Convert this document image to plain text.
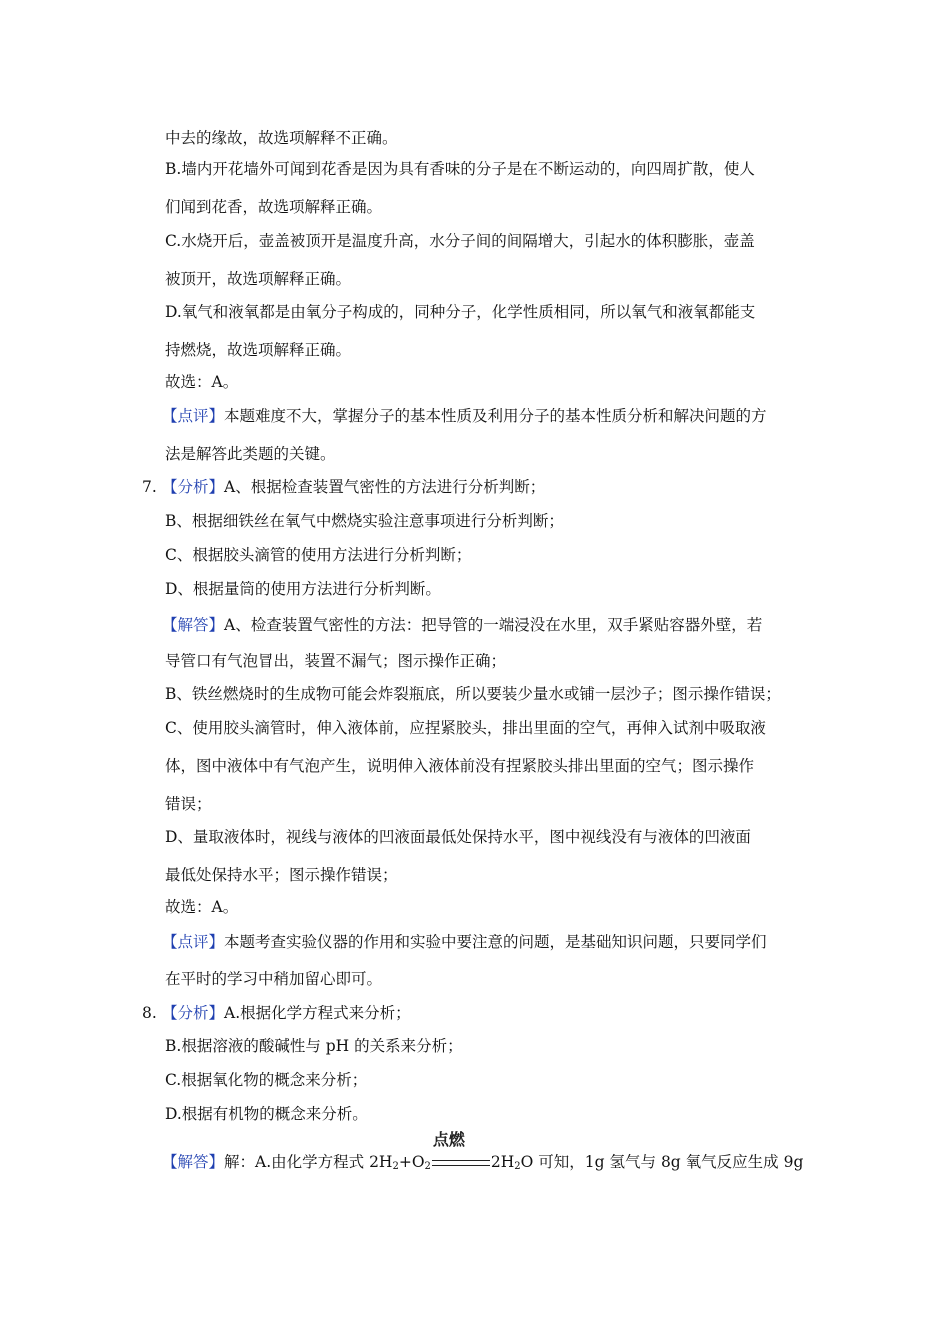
中去的缘故，故选项解释不正确。
B.墙内开花墙外可闻到花香是因为具有香味的分子是在不断运动的，向四周扩散，使人
们闻到花香，故选项解释正确。
C.水烧开后，壶盖被顶开是温度升高，水分子间的间隔增大，引起水的体积膨胀，壶盖
被顶开，故选项解释正确。
D.氧气和液氧都是由氧分子构成的，同种分子，化学性质相同，所以氧气和液氧都能支
持燃烧，故选项解释正确。
故选：A。
【点评】本题难度不大，掌握分子的基本性质及利用分子的基本性质分析和解决问题的方
法是解答此类题的关键。
7. 【分析】A、根据检查装置气密性的方法进行分析判断；
B、根据细铁丝在氧气中燃烧实验注意事项进行分析判断；
C、根据胶头滴管的使用方法进行分析判断；
D、根据量筒的使用方法进行分析判断。
【解答】A、检查装置气密性的方法：把导管的一端浸没在水里，双手紧贴容器外壁，若
导管口有气泡冒出，装置不漏气；图示操作正确；
B、铁丝燃烧时的生成物可能会炸裂瓶底，所以要装少量水或铺一层沙子；图示操作错误；
C、使用胶头滴管时，伸入液体前，应捏紧胶头，排出里面的空气，再伸入试剂中吸取液
体，图中液体中有气泡产生，说明伸入液体前没有捏紧胶头排出里面的空气；图示操作
错误；
D、量取液体时，视线与液体的凹液面最低处保持水平，图中视线没有与液体的凹液面
最低处保持水平；图示操作错误；
故选：A。
【点评】本题考查实验仪器的作用和实验中要注意的问题，是基础知识问题，只要同学们
在平时的学习中稍加留心即可。
8. 【分析】A.根据化学方程式来分析；
B.根据溶液的酸碱性与 pH 的关系来分析；
C.根据氧化物的概念来分析；
D.根据有机物的概念来分析。
【解答】解：A.由化学方程式 $2H_2+O_2$
点燃
$2H_2O$ 可知，1g 氢气与 8g 氧气反应生成 9g
